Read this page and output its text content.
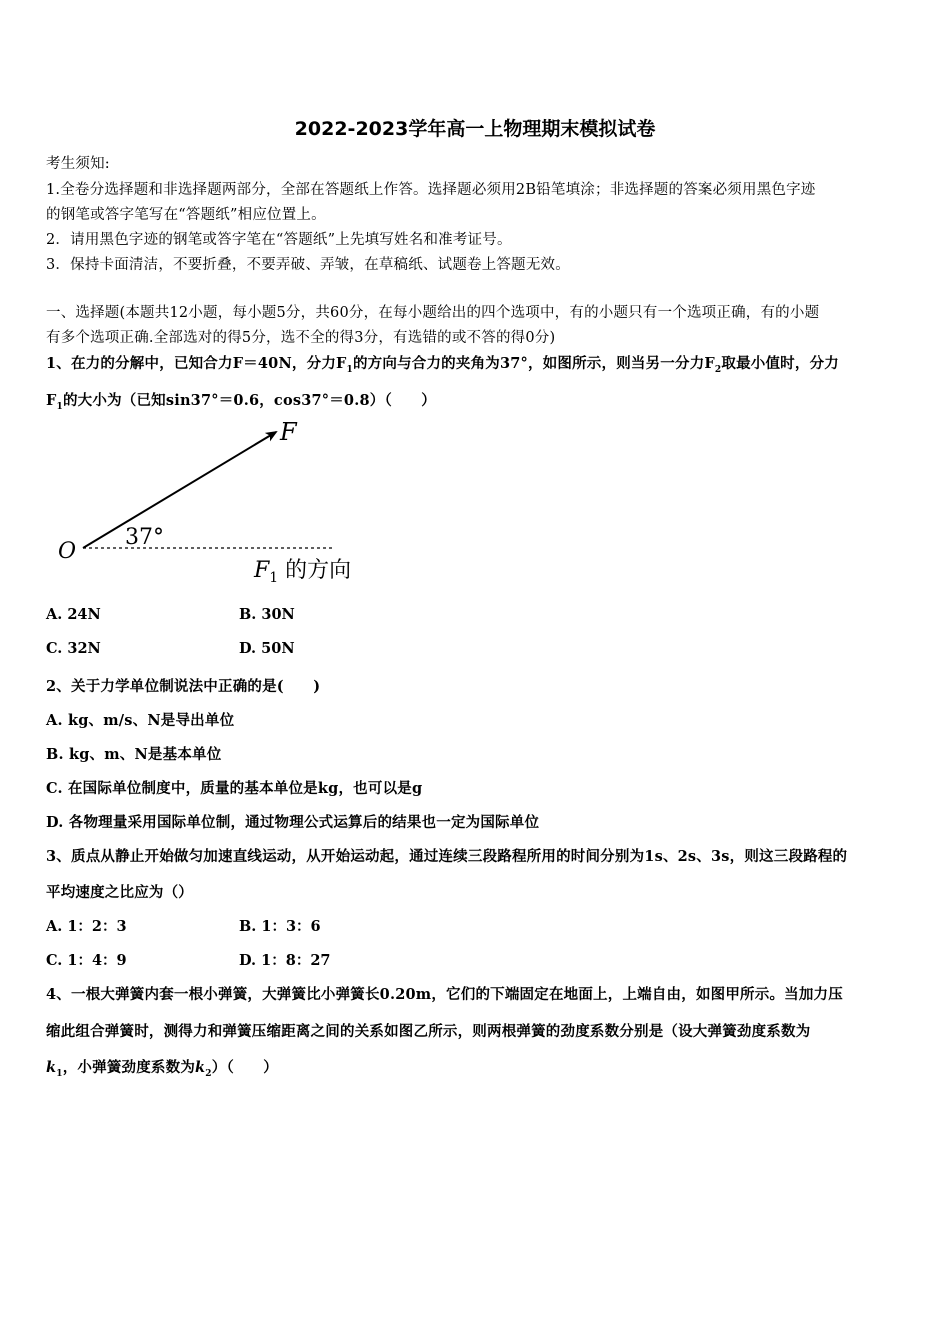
2022-2023学年高一上物理期末模拟试卷
考生须知:
1.全卷分选择题和非选择题两部分，全部在答题纸上作答。选择题必须用2B铅笔填涂；非选择题的答案必须用黑色字迹
的钢笔或答字笔写在“答题纸”相应位置上。
2．请用黑色字迹的钢笔或答字笔在“答题纸”上先填写姓名和准考证号。
3．保持卡面清洁，不要折叠，不要弄破、弄皱，在草稿纸、试题卷上答题无效。
一、选择题(本题共12小题，每小题5分，共60分，在每小题给出的四个选项中，有的小题只有一个选项正确，有的小题
有多个选项正确.全部选对的得5分，选不全的得3分，有选错的或不答的得0分)
1、在力的分解中，已知合力F＝40N，分力$F_1$的方向与合力的夹角为37°，如图所示，则当另一分力$F_2$取最小值时，分力
$F_1$的大小为（已知sin37°＝0.6，cos37°＝0.8）（　　）
F
O
37°
$F_1$ 的方向
A. 24N	B. 30N
C. 32N	D. 50N
2、关于力学单位制说法中正确的是(　　)
A. kg、m/s、N是导出单位
B. kg、m、N是基本单位
C. 在国际单位制度中，质量的基本单位是kg，也可以是g
D. 各物理量采用国际单位制，通过物理公式运算后的结果也一定为国际单位
3、质点从静止开始做匀加速直线运动，从开始运动起，通过连续三段路程所用的时间分别为1s、2s、3s，则这三段路程的
平均速度之比应为（）
A. 1：2：3	B. 1：3：6
C. 1：4：9	D. 1：8：27
4、一根大弹簧内套一根小弹簧，大弹簧比小弹簧长0.20m，它们的下端固定在地面上，上端自由，如图甲所示。当加力压
缩此组合弹簧时，测得力和弹簧压缩距离之间的关系如图乙所示，则两根弹簧的劲度系数分别是（设大弹簧劲度系数为
$k_1$，小弹簧劲度系数为$k_2$）（　　）
